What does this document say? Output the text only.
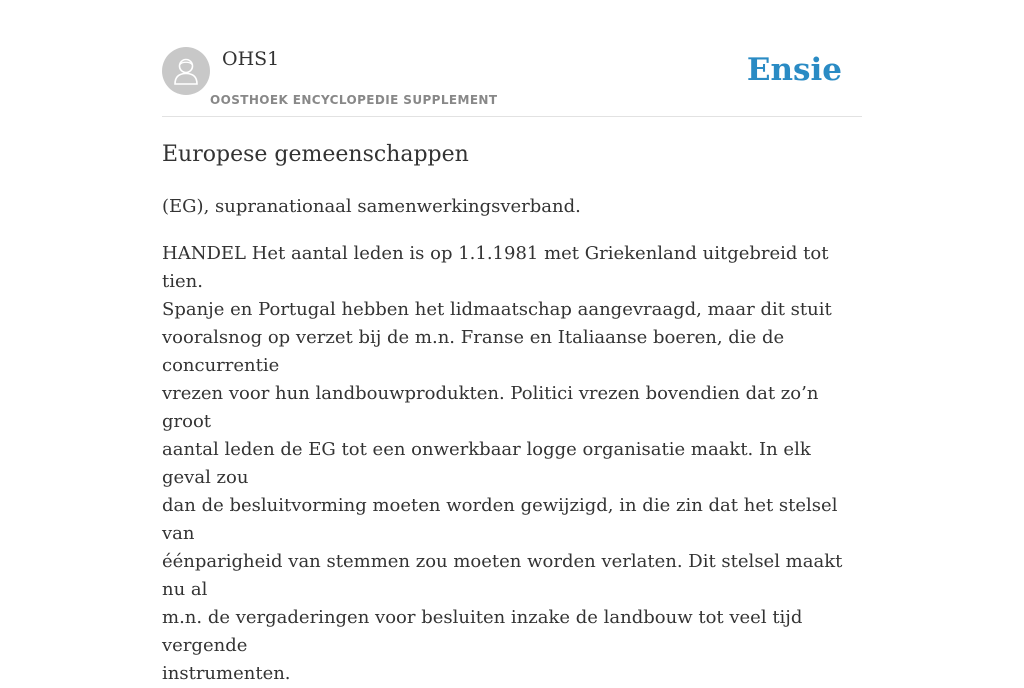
OHS1
OOSTHOEK ENCYCLOPEDIE SUPPLEMENT
Ensie
Europese gemeenschappen

(EG), supranationaal samenwerkingsverband.

HANDEL Het aantal leden is op 1.1.1981 met Griekenland uitgebreid tot tien.
Spanje en Portugal hebben het lidmaatschap aangevraagd, maar dit stuit
vooralsnog op verzet bij de m.n. Franse en Italiaanse boeren, die de concurrentie
vrezen voor hun landbouwprodukten. Politici vrezen bovendien dat zo’n groot
aantal leden de EG tot een onwerkbaar logge organisatie maakt. In elk geval zou
dan de besluitvorming moeten worden gewijzigd, in die zin dat het stelsel van
éénparigheid van stemmen zou moeten worden verlaten. Dit stelsel maakt nu al
m.n. de vergaderingen voor besluiten inzake de landbouw tot veel tijd vergende
instrumenten.
